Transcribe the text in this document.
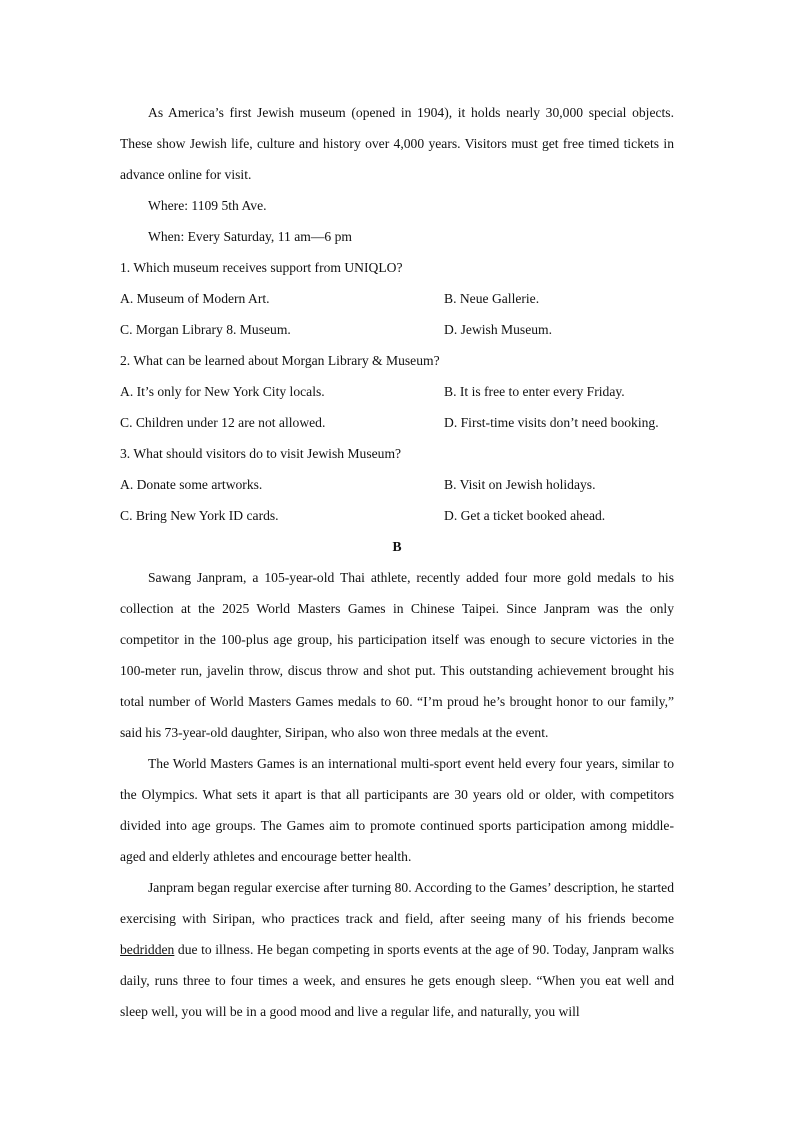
As America’s first Jewish museum (opened in 1904), it holds nearly 30,000 special objects. These show Jewish life, culture and history over 4,000 years. Visitors must get free timed tickets in advance online for visit.

Where: 1109 5th Ave.

When: Every Saturday, 11 am—6 pm

1. Which museum receives support from UNIQLO?

A. Museum of Modern Art.	B. Neue Gallerie.
C. Morgan Library 8. Museum.	D. Jewish Museum.

2. What can be learned about Morgan Library & Museum?

A. It’s only for New York City locals.	B. It is free to enter every Friday.
C. Children under 12 are not allowed.	D. First-time visits don’t need booking.

3. What should visitors do to visit Jewish Museum?

A. Donate some artworks.	B. Visit on Jewish holidays.
C. Bring New York ID cards.	D. Get a ticket booked ahead.

B

Sawang Janpram, a 105-year-old Thai athlete, recently added four more gold medals to his collection at the 2025 World Masters Games in Chinese Taipei. Since Janpram was the only competitor in the 100-plus age group, his participation itself was enough to secure victories in the 100-meter run, javelin throw, discus throw and shot put. This outstanding achievement brought his total number of World Masters Games medals to 60. “I’m proud he’s brought honor to our family,” said his 73-year-old daughter, Siripan, who also won three medals at the event.

The World Masters Games is an international multi-sport event held every four years, similar to the Olympics. What sets it apart is that all participants are 30 years old or older, with competitors divided into age groups. The Games aim to promote continued sports participation among middle-aged and elderly athletes and encourage better health.

Janpram began regular exercise after turning 80. According to the Games’ description, he started exercising with Siripan, who practices track and field, after seeing many of his friends become bedridden due to illness. He began competing in sports events at the age of 90. Today, Janpram walks daily, runs three to four times a week, and ensures he gets enough sleep. “When you eat well and sleep well, you will be in a good mood and live a regular life, and naturally, you will
